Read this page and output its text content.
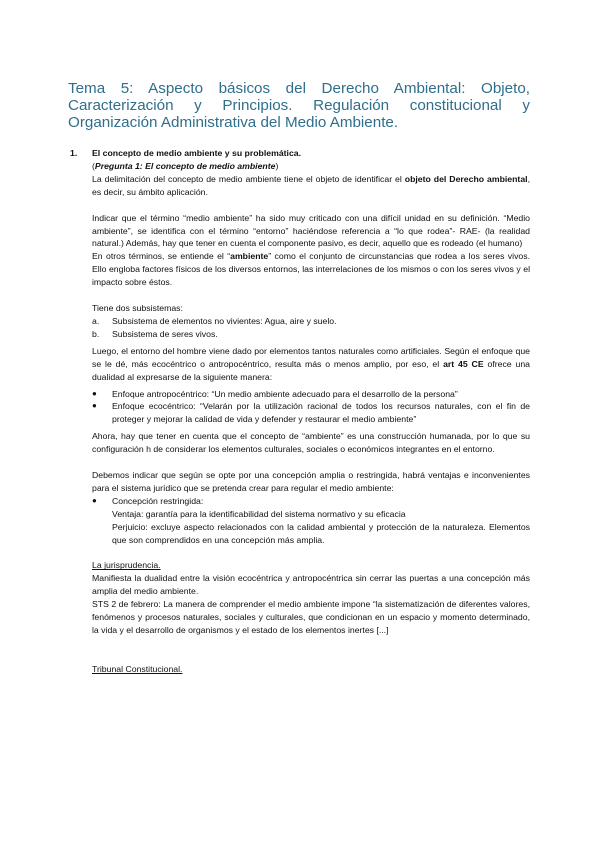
Tema 5: Aspecto básicos del Derecho Ambiental: Objeto, Caracterización y Principios. Regulación constitucional y Organización Administrativa del Medio Ambiente.
1.	El concepto de medio ambiente y su problemática.

(Pregunta 1: El concepto de medio ambiente)

La delimitación del concepto de medio ambiente tiene el objeto de identificar el objeto del Derecho ambiental, es decir, su ámbito aplicación.

Indicar que el término “medio ambiente” ha sido muy criticado con una difícil unidad en su definición. “Medio ambiente”, se identifica con el término “entorno” haciéndose referencia a “lo que rodea”- RAE- (la realidad natural.) Además, hay que tener en cuenta el componente pasivo, es decir, aquello que es rodeado (el humano)

En otros términos, se entiende el “ambiente” como el conjunto de circunstancias que rodea a los seres vivos. Ello engloba factores físicos de los diversos entornos, las interrelaciones de los mismos o con los seres vivos y el impacto sobre éstos.

Tiene dos subsistemas:

a.	Subsistema de elementos no vivientes: Agua, aire y suelo.
b.	Subsistema de seres vivos.

Luego, el entorno del hombre viene dado por elementos tantos naturales como artificiales. Según el enfoque que se le dé, más ecocéntrico o antropocéntrico, resulta más o menos amplio, por eso, el art 45 CE ofrece una dualidad al expresarse de la siguiente manera:

●	Enfoque antropocéntrico: “Un medio ambiente adecuado para el desarrollo de la persona”
●	Enfoque ecocéntrico: “Velarán por la utilización racional de todos los recursos naturales, con el fin de proteger y mejorar la calidad de vida y defender y restaurar el medio ambiente”

Ahora, hay que tener en cuenta que el concepto de “ambiente” es una construcción humanada, por lo que su configuración h de considerar los elementos culturales, sociales o económicos integrantes en el entorno.

Debemos indicar que según se opte por una concepción amplia o restringida, habrá ventajas e inconvenientes para el sistema jurídico que se pretenda crear para regular el medio ambiente:

●	Concepción restringida:

Ventaja: garantía para la identificabilidad del sistema normativo y su eficacia

Perjuicio: excluye aspecto relacionados con la calidad ambiental y protección de la naturaleza. Elementos que son comprendidos en una concepción más amplia.

La jurisprudencia.

Manifiesta la dualidad entre la visión ecocéntrica y antropocéntrica sin cerrar las puertas a una concepción más amplia del medio ambiente.

STS 2 de febrero: La manera de comprender el medio ambiente impone “la sistematización de diferentes valores, fenómenos y procesos naturales, sociales y culturales, que condicionan en un espacio y momento determinado, la vida y el desarrollo de organismos y el estado de los elementos inertes [...]

Tribunal Constitucional.
